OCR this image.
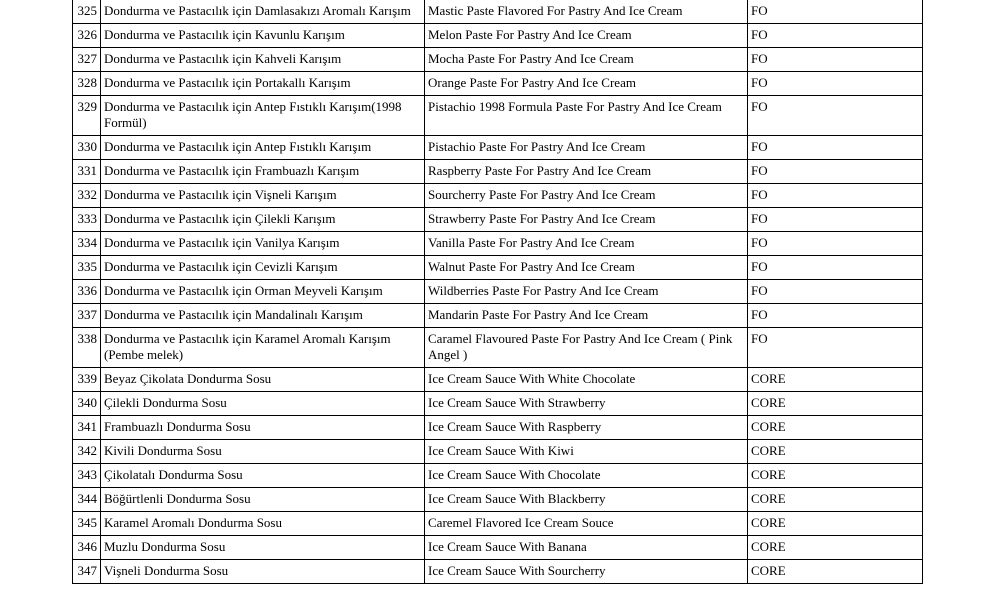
325	Dondurma ve Pastacılık için Damlasakızı Aromalı Karışım	Mastic Paste Flavored For Pastry And Ice Cream	FO
326	Dondurma ve Pastacılık için Kavunlu Karışım	Melon Paste For Pastry And Ice Cream	FO
327	Dondurma ve Pastacılık için Kahveli Karışım	Mocha Paste For Pastry And Ice Cream	FO
328	Dondurma ve Pastacılık için Portakallı Karışım	Orange Paste For Pastry And Ice Cream	FO
329	Dondurma ve Pastacılık için Antep Fıstıklı Karışım(1998 Formül)	Pistachio 1998 Formula Paste For Pastry And Ice Cream	FO
330	Dondurma ve Pastacılık için Antep Fıstıklı Karışım	Pistachio Paste For Pastry And Ice Cream	FO
331	Dondurma ve Pastacılık için Frambuazlı Karışım	Raspberry Paste For Pastry And Ice Cream	FO
332	Dondurma ve Pastacılık için Vişneli Karışım	Sourcherry Paste For Pastry And Ice Cream	FO
333	Dondurma ve Pastacılık için Çilekli Karışım	Strawberry Paste For Pastry And Ice Cream	FO
334	Dondurma ve Pastacılık için Vanilya Karışım	Vanilla Paste For Pastry And Ice Cream	FO
335	Dondurma ve Pastacılık için Cevizli Karışım	Walnut Paste For Pastry And Ice Cream	FO
336	Dondurma ve Pastacılık için Orman Meyveli Karışım	Wildberries Paste For Pastry And Ice Cream	FO
337	Dondurma ve Pastacılık için Mandalinalı Karışım	Mandarin Paste For Pastry And Ice Cream	FO
338	Dondurma ve Pastacılık için Karamel Aromalı Karışım (Pembe melek)	Caramel Flavoured Paste For Pastry And Ice Cream ( Pink Angel )	FO
339	Beyaz Çikolata Dondurma Sosu	Ice Cream Sauce With White Chocolate	CORE
340	Çilekli Dondurma Sosu	Ice Cream Sauce With Strawberry	CORE
341	Frambuazlı Dondurma Sosu	Ice Cream Sauce With Raspberry	CORE
342	Kivili Dondurma Sosu	Ice Cream Sauce With Kiwi	CORE
343	Çikolatalı Dondurma Sosu	Ice Cream Sauce With Chocolate	CORE
344	Böğürtlenli Dondurma Sosu	Ice Cream Sauce With Blackberry	CORE
345	Karamel Aromalı Dondurma Sosu	Caremel Flavored Ice Cream Souce	CORE
346	Muzlu Dondurma Sosu	Ice Cream Sauce With Banana	CORE
347	Vişneli Dondurma Sosu	Ice Cream Sauce With Sourcherry	CORE
